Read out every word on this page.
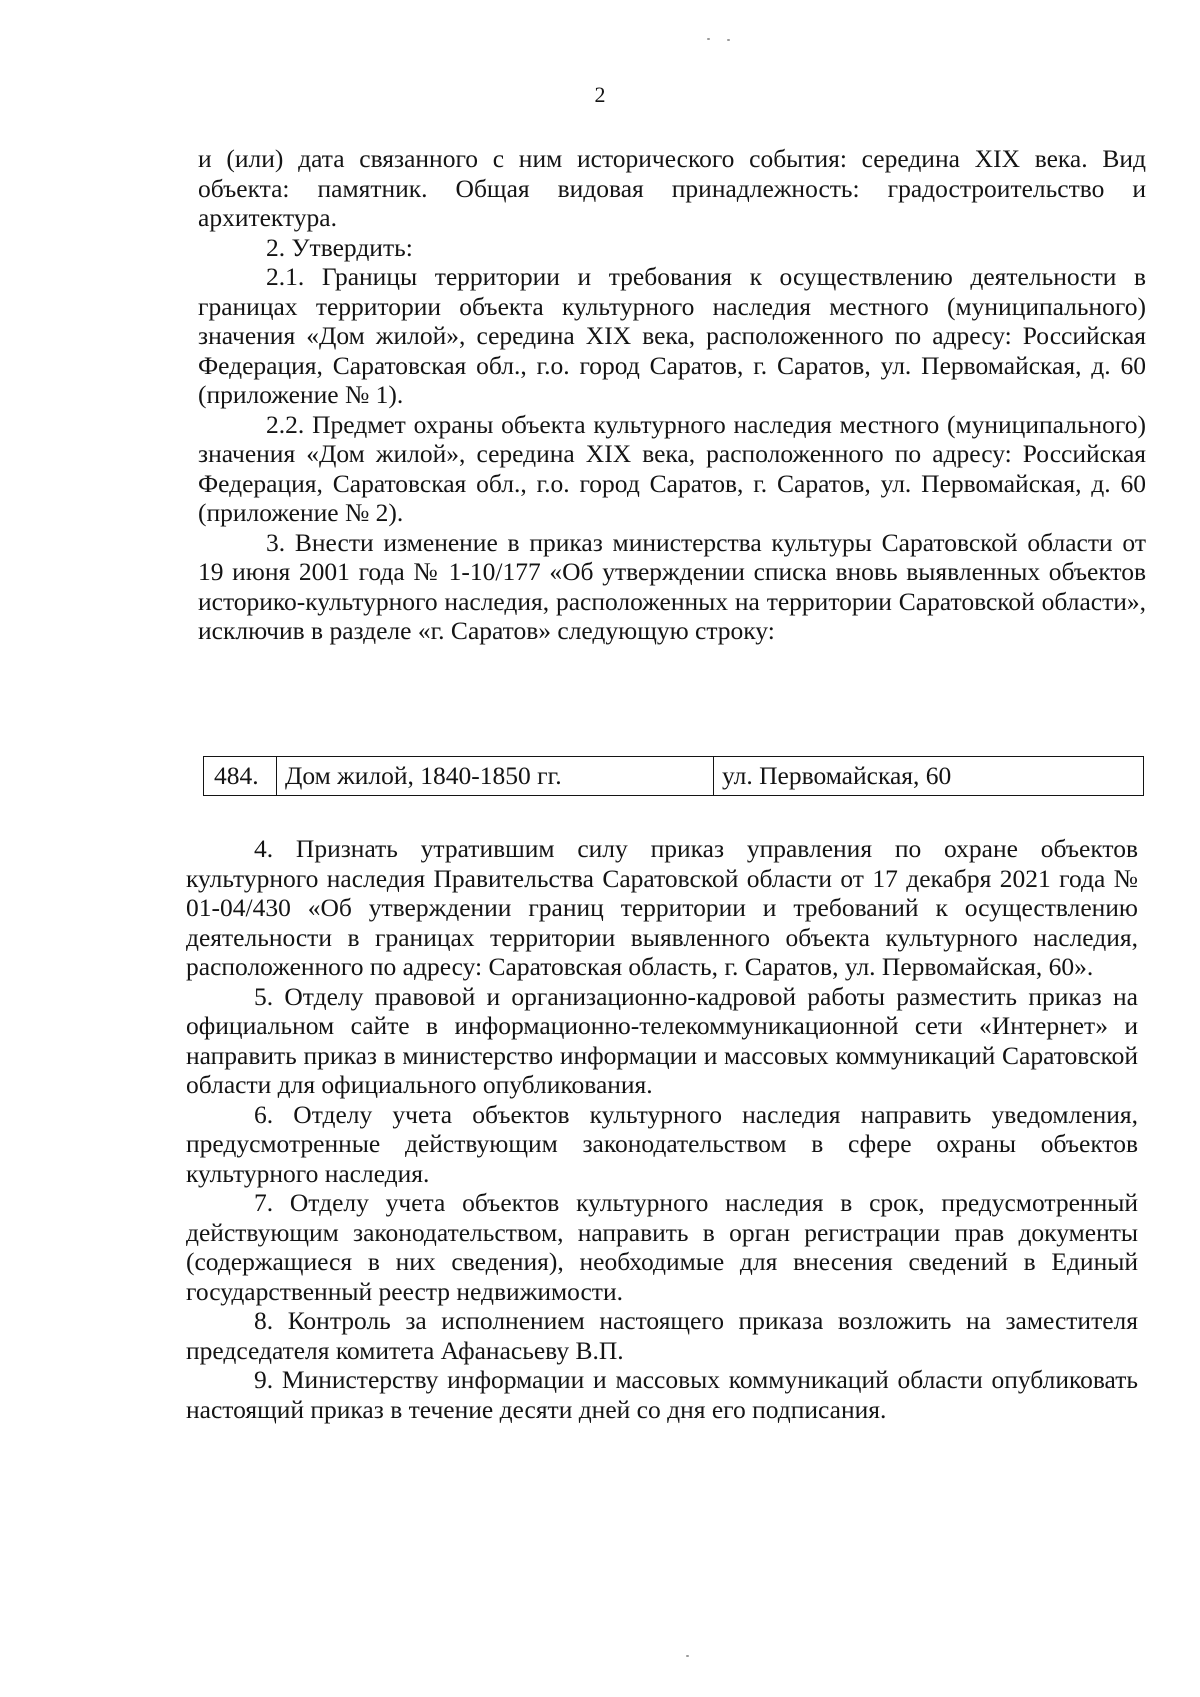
2

и (или) дата связанного с ним исторического события: середина XIX века. Вид объекта: памятник. Общая видовая принадлежность: градостроительство и архитектура.

2. Утвердить:

2.1. Границы территории и требования к осуществлению деятельности в границах территории объекта культурного наследия местного (муниципального) значения «Дом жилой», середина XIX века, расположенного по адресу: Российская Федерация, Саратовская обл., г.о. город Саратов, г. Саратов, ул. Первомайская, д. 60 (приложение № 1).

2.2. Предмет охраны объекта культурного наследия местного (муниципального) значения «Дом жилой», середина XIX века, расположенного по адресу: Российская Федерация, Саратовская обл., г.о. город Саратов, г. Саратов, ул. Первомайская, д. 60 (приложение № 2).

3. Внести изменение в приказ министерства культуры Саратовской области от 19 июня 2001 года № 1-10/177 «Об утверждении списка вновь выявленных объектов историко-культурного наследия, расположенных на территории Саратовской области», исключив в разделе «г. Саратов» следующую строку:

484.	Дом жилой, 1840-1850 гг.	ул. Первомайская, 60

4. Признать утратившим силу приказ управления по охране объектов культурного наследия Правительства Саратовской области от 17 декабря 2021 года № 01-04/430 «Об утверждении границ территории и требований к осуществлению деятельности в границах территории выявленного объекта культурного наследия, расположенного по адресу: Саратовская область, г. Саратов, ул. Первомайская, 60».

5. Отделу правовой и организационно-кадровой работы разместить приказ на официальном сайте в информационно-телекоммуникационной сети «Интернет» и направить приказ в министерство информации и массовых коммуникаций Саратовской области для официального опубликования.

6. Отделу учета объектов культурного наследия направить уведомления, предусмотренные действующим законодательством в сфере охраны объектов культурного наследия.

7. Отделу учета объектов культурного наследия в срок, предусмотренный действующим законодательством, направить в орган регистрации прав документы (содержащиеся в них сведения), необходимые для внесения сведений в Единый государственный реестр недвижимости.

8. Контроль за исполнением настоящего приказа возложить на заместителя председателя комитета Афанасьеву В.П.

9. Министерству информации и массовых коммуникаций области опубликовать настоящий приказ в течение десяти дней со дня его подписания.
